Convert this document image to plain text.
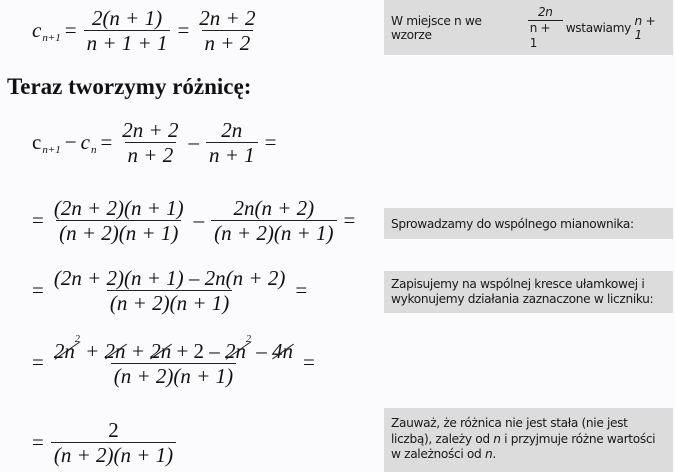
c $n+1 = \frac{2(n + 1)}{n + 1 + 1} = \frac{2n + 2}{n + 2}$	W miejsce n we wzorze	$\frac{2n}{n + 1}$ wstawiamy
n + 1
Teraz tworzymy różnicę:
c n+1 − c $n = \frac{2n + 2}{n + 2} - \frac{2n}{n + 1}$ =
= $\frac{(2n + 2)(n + 1)}{(n + 2)(n + 1)} - \frac{2n(n + 2)}{(n + 2)(n + 1)}$ =	Sprowadzamy do wspólnego mianownika:
= $\frac{(2n + 2)(n + 1) - 2n(n + 2)}{(n + 2)(n + 1)}$ =	Zapisujemy na wspólnej kresce ułamkowej i wykonujemy działania zaznaczone w liczniku:
= $2n^2 + 2n + 2n + 2 - 2n^2 - 4n$
(n + 2)(n + 1)
=
= $\frac{2}{(n + 2)(n + 1)}$	Zauważ, że różnica nie jest stała (nie jest liczbą), zależy od n i przyjmuje różne wartości w zależności od n.
